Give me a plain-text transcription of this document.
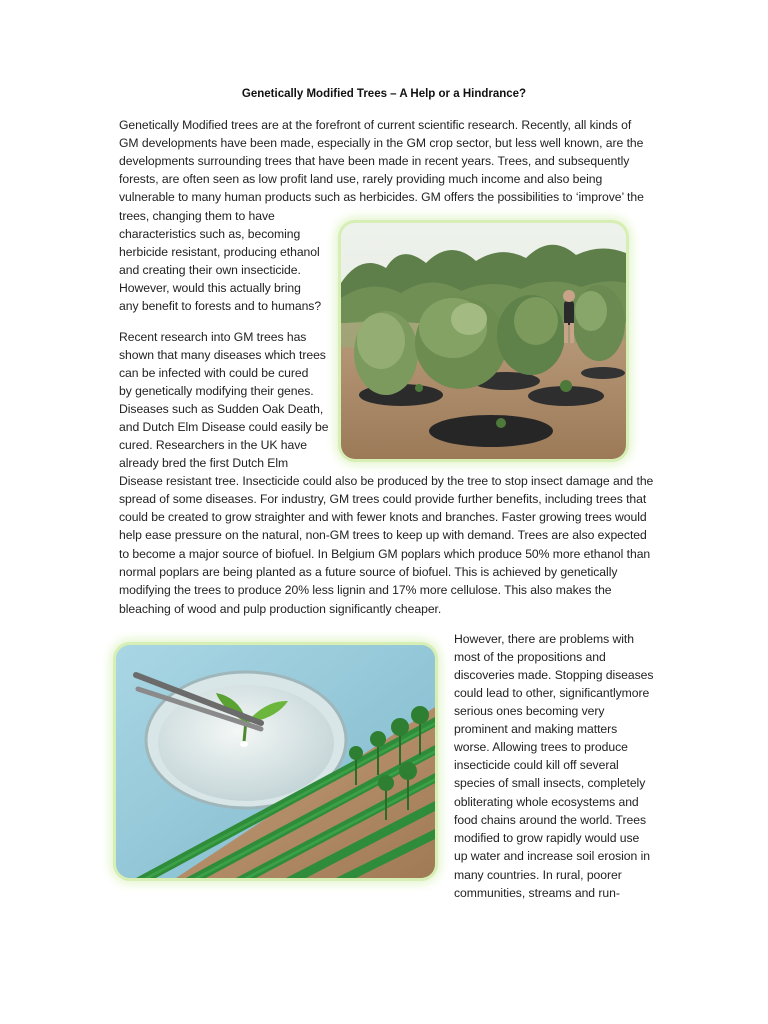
Genetically Modified Trees – A Help or a Hindrance?
Genetically Modified trees are at the forefront of current scientific research. Recently, all kinds of
GM developments have been made, especially in the GM crop sector, but less well known, are the
developments surrounding trees that have been made in recent years. Trees, and subsequently
forests, are often seen as low profit land use, rarely providing much income and also being
vulnerable to many human products such as herbicides. GM offers the possibilities to ‘improve’ the
trees, changing them to have
characteristics such as, becoming
herbicide resistant, producing ethanol
and creating their own insecticide.
However, would this actually bring
any benefit to forests and to humans?
Recent research into GM trees has
shown that many diseases which trees
can be infected with could be cured
by genetically modifying their genes.
Diseases such as Sudden Oak Death,
and Dutch Elm Disease could easily be
cured. Researchers in the UK have
already bred the first Dutch Elm
Disease resistant tree. Insecticide could also be produced by the tree to stop insect damage and the
spread of some diseases. For industry, GM trees could provide further benefits, including trees that
could be created to grow straighter and with fewer knots and branches. Faster growing trees would
help ease pressure on the natural, non-GM trees to keep up with demand. Trees are also expected
to become a major source of biofuel. In Belgium GM poplars which produce 50% more ethanol than
normal poplars are being planted as a future source of biofuel. This is achieved by genetically
modifying the trees to produce 20% less lignin and 17% more cellulose. This also makes the
bleaching of wood and pulp production significantly cheaper.
However, there are problems with
most of the propositions and
discoveries made. Stopping diseases
could lead to other, significantlymore
serious ones becoming very
prominent and making matters
worse. Allowing trees to produce
insecticide could kill off several
species of small insects, completely
obliterating whole ecosystems and
food chains around the world. Trees
modified to grow rapidly would use
up water and increase soil erosion in
many countries. In rural, poorer
communities, streams and run-
